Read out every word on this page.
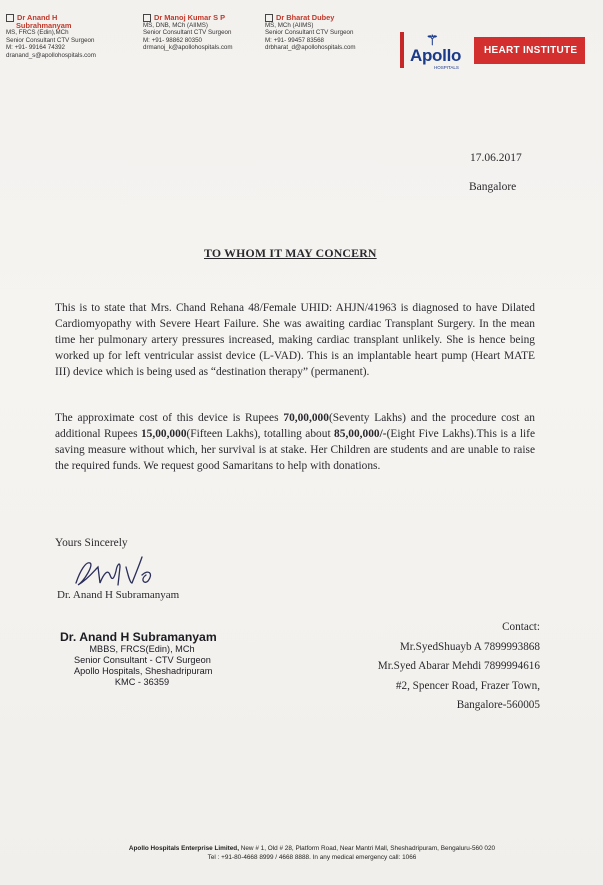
Dr Anand H
Subrahmanyam
MS, FRCS (Edin),MCh
Senior Consultant CTV Surgeon
M: +91- 99164 74392
dranand_s@apollohospitals.com
Dr Manoj Kumar S P
MS, DNB, MCh (AIIMS)
Senior Consultant CTV Surgeon
M: +91- 98862 80350
drmanoj_k@apollohospitals.com
Dr Bharat Dubey
MS, MCh (AIIMS)
Senior Consultant CTV Surgeon
M: +91- 99457 83568
drbharat_d@apollohospitals.com	⚚
Apollo
HOSPITALS
HEART INSTITUTE
17.06.2017
Bangalore
TO WHOM IT MAY CONCERN

This is to state that Mrs. Chand Rehana 48/Female UHID: AHJN/41963 is diagnosed to have Dilated Cardiomyopathy with Severe Heart Failure. She was awaiting cardiac Transplant Surgery. In the mean time her pulmonary artery pressures increased, making cardiac transplant unlikely. She is hence being worked up for left ventricular assist device (L-VAD). This is an implantable heart pump (Heart MATE III) device which is being used as “destination therapy” (permanent).

The approximate cost of this device is Rupees 70,00,000(Seventy Lakhs) and the procedure cost an additional Rupees 15,00,000(Fifteen Lakhs), totalling about 85,00,000/-(Eight Five Lakhs).This is a life saving measure without which, her survival is at stake. Her Children are students and are unable to raise the required funds. We request good Samaritans to help with donations.

Yours Sincerely
Dr. Anand H Subramanyam
Dr. Anand H Subramanyam
MBBS, FRCS(Edin), MCh
Senior Consultant - CTV Surgeon
Apollo Hospitals, Sheshadripuram
KMC - 36359
Contact:
Mr.SyedShuayb A 7899993868
Mr.Syed Abarar Mehdi 7899994616
#2, Spencer Road, Frazer Town,
Bangalore-560005
Apollo Hospitals Enterprise Limited, New # 1, Old # 28, Platform Road, Near Mantri Mall, Sheshadripuram, Bengaluru-560 020
Tel : +91-80-4668 8999 / 4668 8888. In any medical emergency call: 1066
